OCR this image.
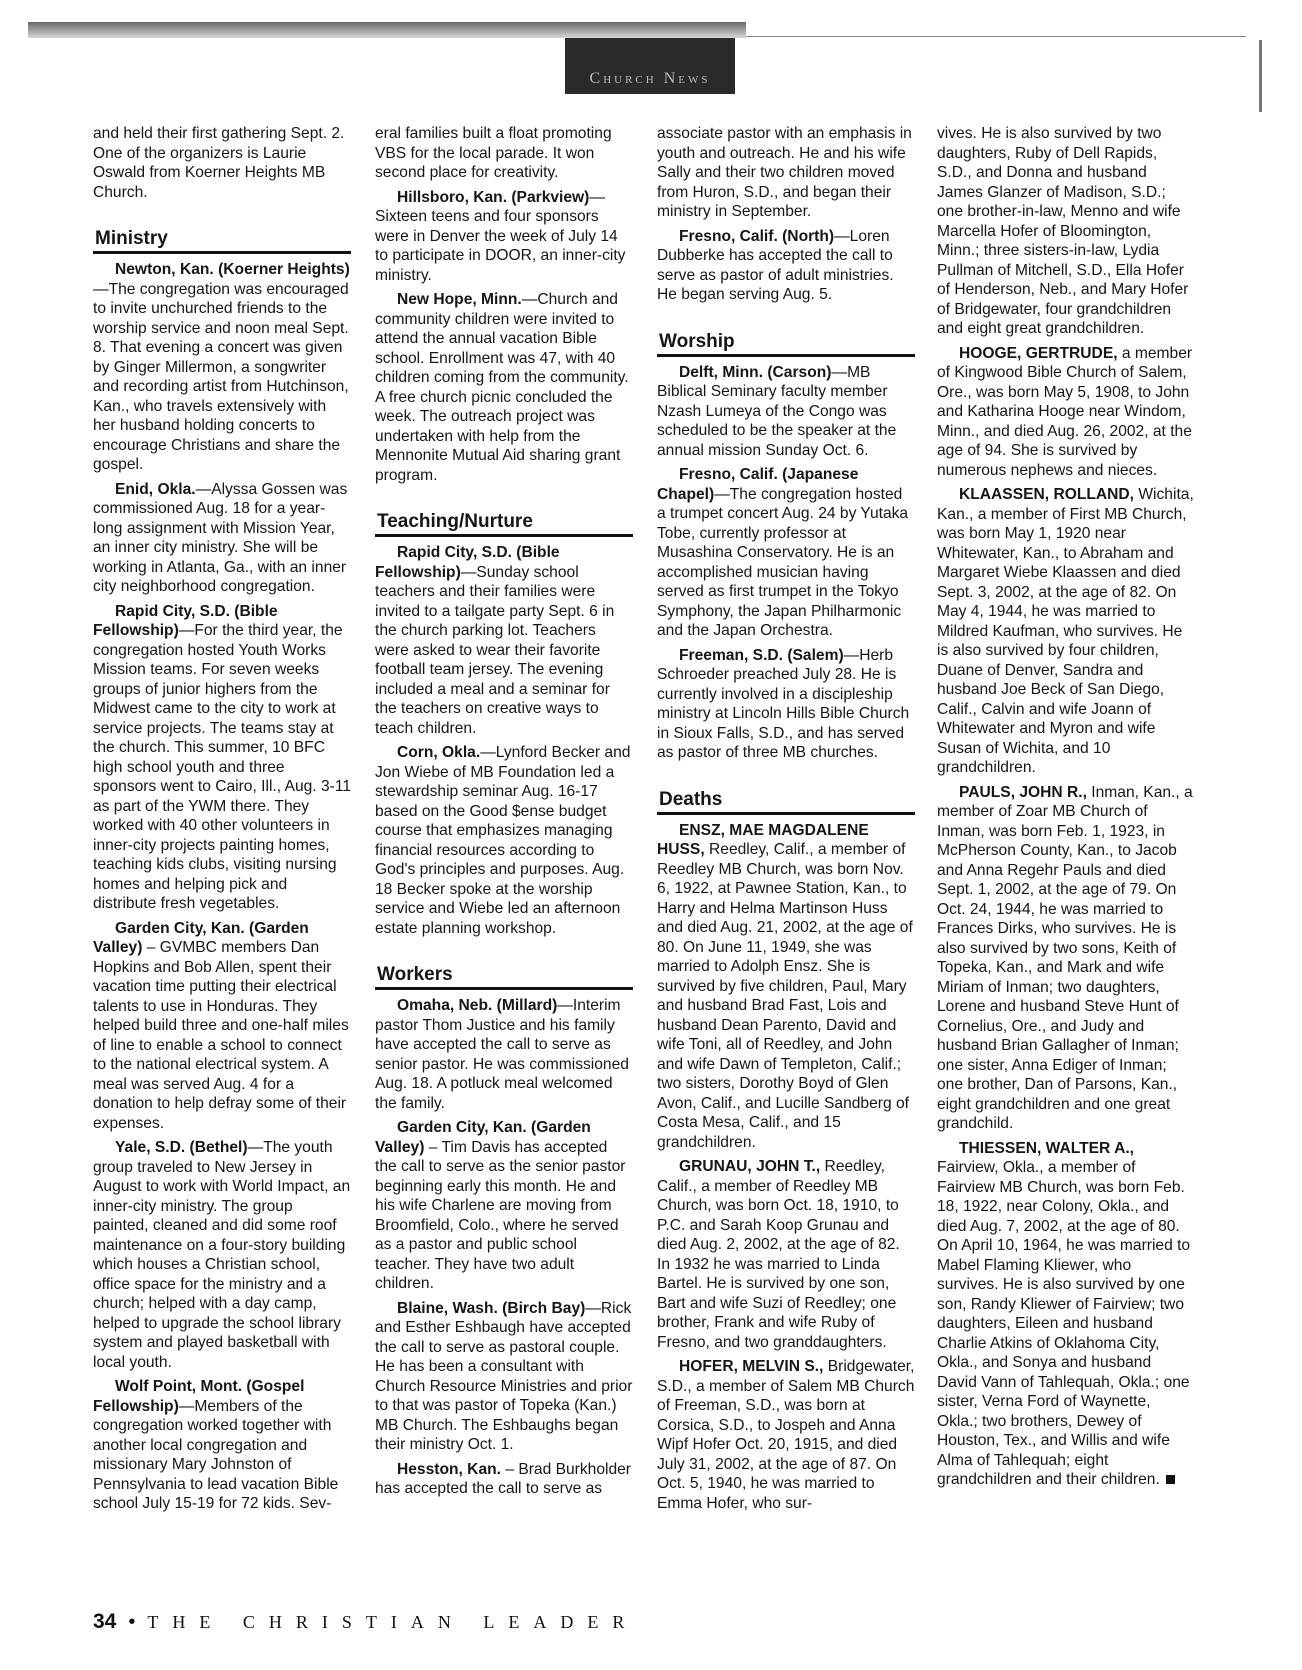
Church News

and held their first gathering Sept. 2. One of the organizers is Laurie Oswald from Koerner Heights MB Church.

Ministry

Newton, Kan. (Koerner Heights)—The congregation was encouraged to invite unchurched friends to the worship service and noon meal Sept. 8. That evening a concert was given by Ginger Millermon, a songwriter and recording artist from Hutchinson, Kan., who travels extensively with her husband holding concerts to encourage Christians and share the gospel.

Enid, Okla.—Alyssa Gossen was commissioned Aug. 18 for a year-long assignment with Mission Year, an inner city ministry. She will be working in Atlanta, Ga., with an inner city neighborhood congregation.

Rapid City, S.D. (Bible Fellowship)—For the third year, the congregation hosted Youth Works Mission teams. For seven weeks groups of junior highers from the Midwest came to the city to work at service projects. The teams stay at the church. This summer, 10 BFC high school youth and three sponsors went to Cairo, Ill., Aug. 3-11 as part of the YWM there. They worked with 40 other volunteers in inner-city projects painting homes, teaching kids clubs, visiting nursing homes and helping pick and distribute fresh vegetables.

Garden City, Kan. (Garden Valley) – GVMBC members Dan Hopkins and Bob Allen, spent their vacation time putting their electrical talents to use in Honduras. They helped build three and one-half miles of line to enable a school to connect to the national electrical system. A meal was served Aug. 4 for a donation to help defray some of their expenses.

Yale, S.D. (Bethel)—The youth group traveled to New Jersey in August to work with World Impact, an inner-city ministry. The group painted, cleaned and did some roof maintenance on a four-story building which houses a Christian school, office space for the ministry and a church; helped with a day camp, helped to upgrade the school library system and played basketball with local youth.

Wolf Point, Mont. (Gospel Fellowship)—Members of the congregation worked together with another local congregation and missionary Mary Johnston of Pennsylvania to lead vacation Bible school July 15-19 for 72 kids. Sev-

eral families built a float promoting VBS for the local parade. It won second place for creativity.

Hillsboro, Kan. (Parkview)—Sixteen teens and four sponsors were in Denver the week of July 14 to participate in DOOR, an inner-city ministry.

New Hope, Minn.—Church and community children were invited to attend the annual vacation Bible school. Enrollment was 47, with 40 children coming from the community. A free church picnic concluded the week. The outreach project was undertaken with help from the Mennonite Mutual Aid sharing grant program.

Teaching/Nurture

Rapid City, S.D. (Bible Fellowship)—Sunday school teachers and their families were invited to a tailgate party Sept. 6 in the church parking lot. Teachers were asked to wear their favorite football team jersey. The evening included a meal and a seminar for the teachers on creative ways to teach children.

Corn, Okla.—Lynford Becker and Jon Wiebe of MB Foundation led a stewardship seminar Aug. 16-17 based on the Good $ense budget course that emphasizes managing financial resources according to God's principles and purposes. Aug. 18 Becker spoke at the worship service and Wiebe led an afternoon estate planning workshop.

Workers

Omaha, Neb. (Millard)—Interim pastor Thom Justice and his family have accepted the call to serve as senior pastor. He was commissioned Aug. 18. A potluck meal welcomed the family.

Garden City, Kan. (Garden Valley) – Tim Davis has accepted the call to serve as the senior pastor beginning early this month. He and his wife Charlene are moving from Broomfield, Colo., where he served as a pastor and public school teacher. They have two adult children.

Blaine, Wash. (Birch Bay)—Rick and Esther Eshbaugh have accepted the call to serve as pastoral couple. He has been a consultant with Church Resource Ministries and prior to that was pastor of Topeka (Kan.) MB Church. The Eshbaughs began their ministry Oct. 1.

Hesston, Kan. – Brad Burkholder has accepted the call to serve as

associate pastor with an emphasis in youth and outreach. He and his wife Sally and their two children moved from Huron, S.D., and began their ministry in September.

Fresno, Calif. (North)—Loren Dubberke has accepted the call to serve as pastor of adult ministries. He began serving Aug. 5.

Worship

Delft, Minn. (Carson)—MB Biblical Seminary faculty member Nzash Lumeya of the Congo was scheduled to be the speaker at the annual mission Sunday Oct. 6.

Fresno, Calif. (Japanese Chapel)—The congregation hosted a trumpet concert Aug. 24 by Yutaka Tobe, currently professor at Musashina Conservatory. He is an accomplished musician having served as first trumpet in the Tokyo Symphony, the Japan Philharmonic and the Japan Orchestra.

Freeman, S.D. (Salem)—Herb Schroeder preached July 28. He is currently involved in a discipleship ministry at Lincoln Hills Bible Church in Sioux Falls, S.D., and has served as pastor of three MB churches.

Deaths

ENSZ, MAE MAGDALENE HUSS, Reedley, Calif., a member of Reedley MB Church, was born Nov. 6, 1922, at Pawnee Station, Kan., to Harry and Helma Martinson Huss and died Aug. 21, 2002, at the age of 80. On June 11, 1949, she was married to Adolph Ensz. She is survived by five children, Paul, Mary and husband Brad Fast, Lois and husband Dean Parento, David and wife Toni, all of Reedley, and John and wife Dawn of Templeton, Calif.; two sisters, Dorothy Boyd of Glen Avon, Calif., and Lucille Sandberg of Costa Mesa, Calif., and 15 grandchildren.

GRUNAU, JOHN T., Reedley, Calif., a member of Reedley MB Church, was born Oct. 18, 1910, to P.C. and Sarah Koop Grunau and died Aug. 2, 2002, at the age of 82. In 1932 he was married to Linda Bartel. He is survived by one son, Bart and wife Suzi of Reedley; one brother, Frank and wife Ruby of Fresno, and two granddaughters.

HOFER, MELVIN S., Bridgewater, S.D., a member of Salem MB Church of Freeman, S.D., was born at Corsica, S.D., to Jospeh and Anna Wipf Hofer Oct. 20, 1915, and died July 31, 2002, at the age of 87. On Oct. 5, 1940, he was married to Emma Hofer, who sur-

vives. He is also survived by two daughters, Ruby of Dell Rapids, S.D., and Donna and husband James Glanzer of Madison, S.D.; one brother-in-law, Menno and wife Marcella Hofer of Bloomington, Minn.; three sisters-in-law, Lydia Pullman of Mitchell, S.D., Ella Hofer of Henderson, Neb., and Mary Hofer of Bridgewater, four grandchildren and eight great grandchildren.

HOOGE, GERTRUDE, a member of Kingwood Bible Church of Salem, Ore., was born May 5, 1908, to John and Katharina Hooge near Windom, Minn., and died Aug. 26, 2002, at the age of 94. She is survived by numerous nephews and nieces.

KLAASSEN, ROLLAND, Wichita, Kan., a member of First MB Church, was born May 1, 1920 near Whitewater, Kan., to Abraham and Margaret Wiebe Klaassen and died Sept. 3, 2002, at the age of 82. On May 4, 1944, he was married to Mildred Kaufman, who survives. He is also survived by four children, Duane of Denver, Sandra and husband Joe Beck of San Diego, Calif., Calvin and wife Joann of Whitewater and Myron and wife Susan of Wichita, and 10 grandchildren.

PAULS, JOHN R., Inman, Kan., a member of Zoar MB Church of Inman, was born Feb. 1, 1923, in McPherson County, Kan., to Jacob and Anna Regehr Pauls and died Sept. 1, 2002, at the age of 79. On Oct. 24, 1944, he was married to Frances Dirks, who survives. He is also survived by two sons, Keith of Topeka, Kan., and Mark and wife Miriam of Inman; two daughters, Lorene and husband Steve Hunt of Cornelius, Ore., and Judy and husband Brian Gallagher of Inman; one sister, Anna Ediger of Inman; one brother, Dan of Parsons, Kan., eight grandchildren and one great grandchild.

THIESSEN, WALTER A., Fairview, Okla., a member of Fairview MB Church, was born Feb. 18, 1922, near Colony, Okla., and died Aug. 7, 2002, at the age of 80. On April 10, 1964, he was married to Mabel Flaming Kliewer, who survives. He is also survived by one son, Randy Kliewer of Fairview; two daughters, Eileen and husband Charlie Atkins of Oklahoma City, Okla., and Sonya and husband David Vann of Tahlequah, Okla.; one sister, Verna Ford of Waynette, Okla.; two brothers, Dewey of Houston, Tex., and Willis and wife Alma of Tahlequah; eight grandchildren and their children.

34 • THE CHRISTIAN LEADER
